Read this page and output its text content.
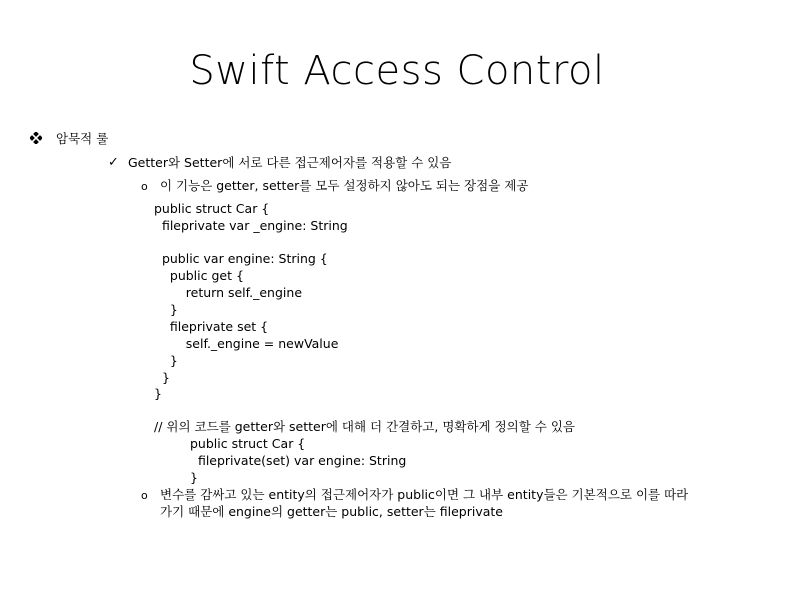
Swift Access Control
암묵적 룰
✓ Getter와 Setter에 서로 다른 접근제어자를 적용할 수 있음
o 이 기능은 getter, setter를 모두 설정하지 않아도 되는 장점을 제공
public struct Car {
fileprivate var _engine: String
public var engine: String {
public get {
return self._engine
}
fileprivate set {
self._engine = newValue
}
}
}
// 위의 코드를 getter와 setter에 대해 더 간결하고, 명확하게 정의할 수 있음
public struct Car {
fileprivate(set) var engine: String
}
o 변수를 감싸고 있는 entity의 접근제어자가 public이면 그 내부 entity들은 기본적으로 이를 따라
가기 때문에 engine의 getter는 public, setter는 fileprivate
